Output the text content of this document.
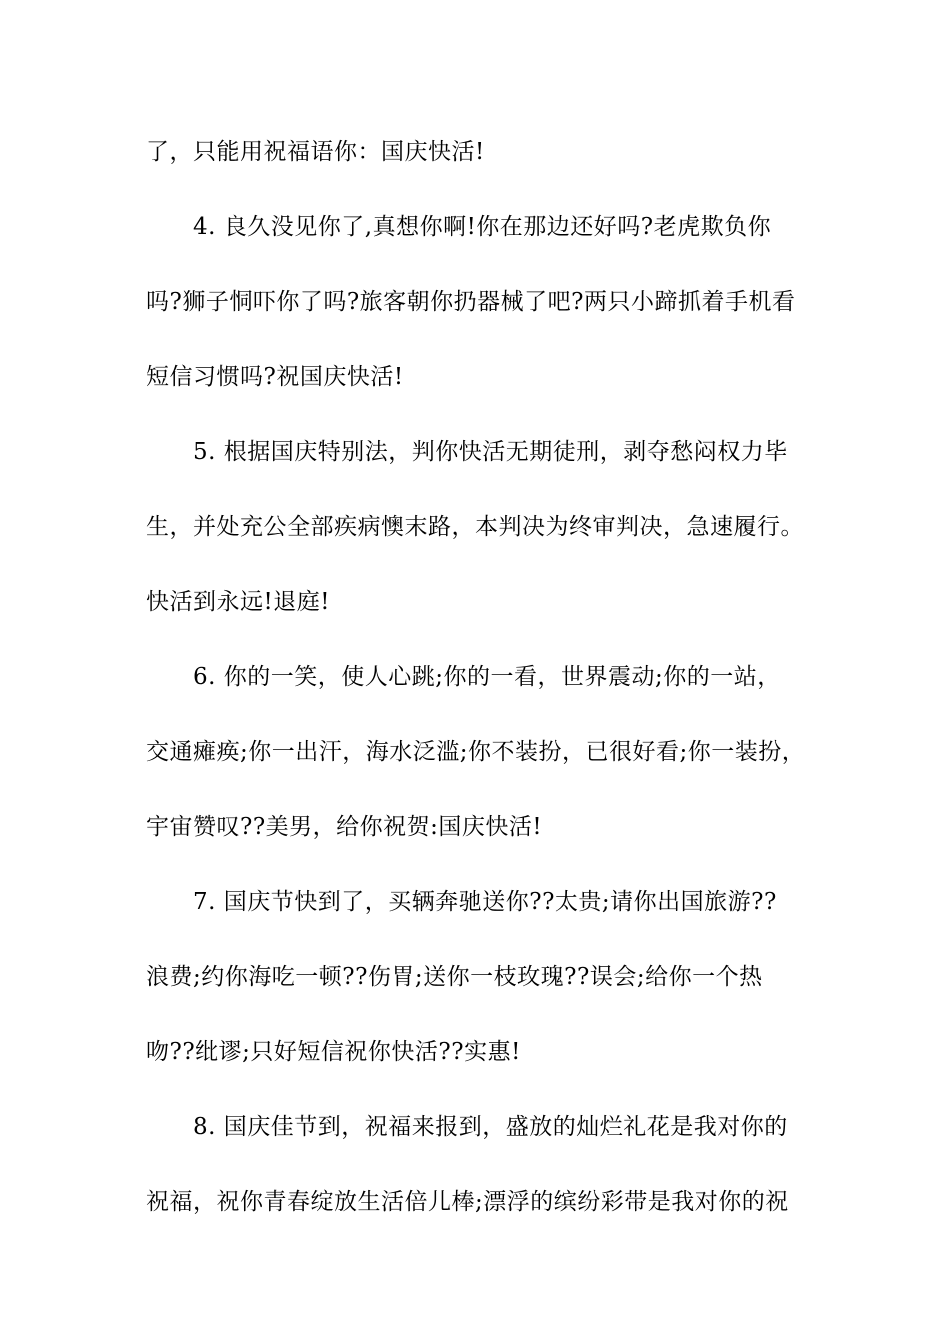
了，只能用祝福语你：国庆快活!
4. 良久没见你了,真想你啊!你在那边还好吗?老虎欺负你
吗?狮子恫吓你了吗?旅客朝你扔器械了吧?两只小蹄抓着手机看
短信习惯吗?祝国庆快活!
5. 根据国庆特别法，判你快活无期徒刑，剥夺愁闷权力毕
生，并处充公全部疾病懊末路，本判决为终审判决，急速履行。
快活到永远!退庭!
6. 你的一笑，使人心跳;你的一看，世界震动;你的一站，
交通瘫痪;你一出汗，海水泛滥;你不装扮，已很好看;你一装扮，
宇宙赞叹??美男，给你祝贺:国庆快活!
7. 国庆节快到了，买辆奔驰送你??太贵;请你出国旅游??
浪费;约你海吃一顿??伤胃;送你一枝玫瑰??误会;给你一个热
吻??纰谬;只好短信祝你快活??实惠!
8. 国庆佳节到，祝福来报到，盛放的灿烂礼花是我对你的
祝福，祝你青春绽放生活倍儿棒;漂浮的缤纷彩带是我对你的祝
